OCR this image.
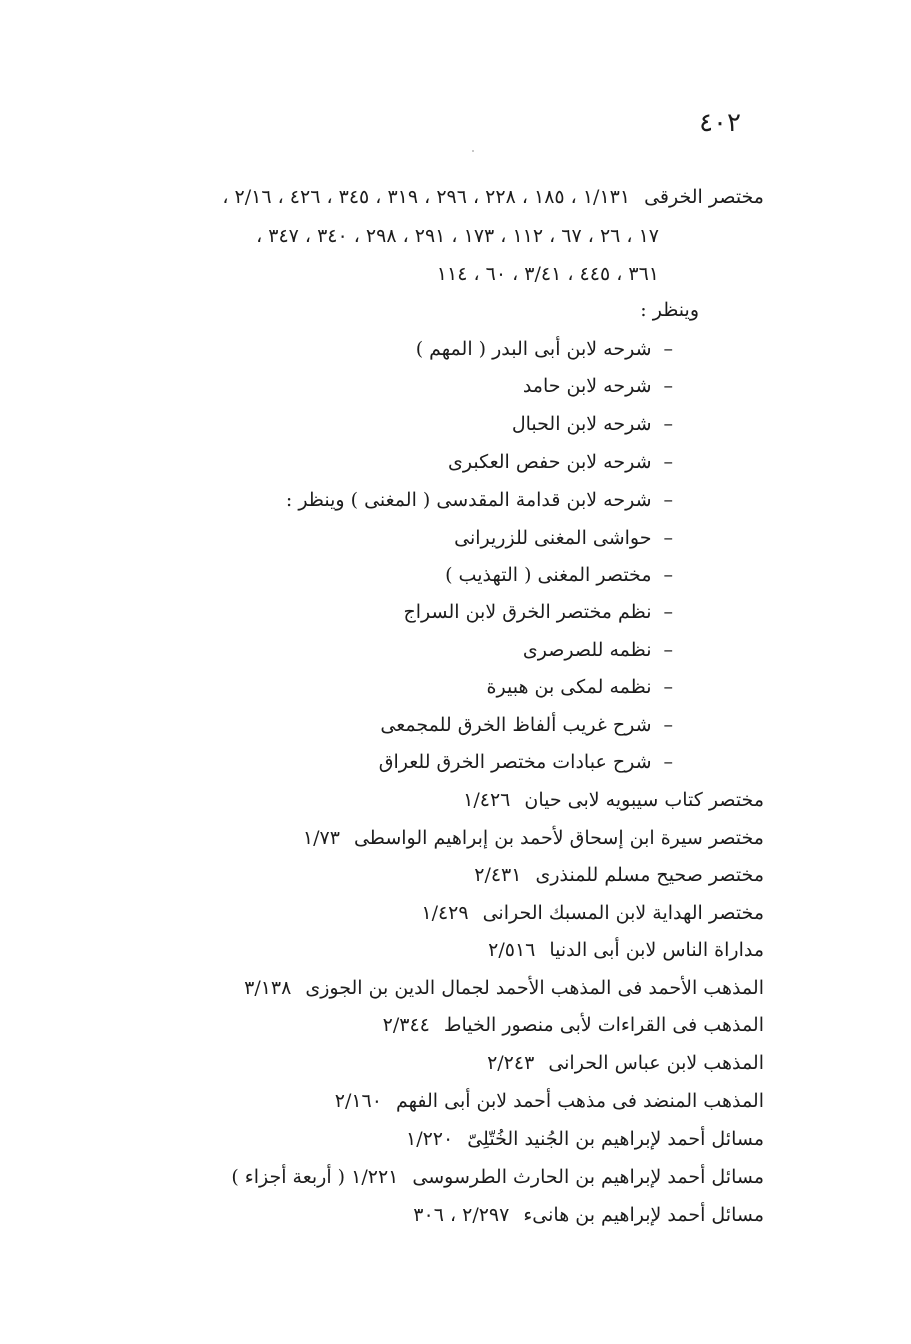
٤٠٢
مختصر الخرقى١/١٣١ ، ١٨٥ ، ٢٢٨ ، ٢٩٦ ، ٣١٩ ، ٣٤٥ ، ٤٢٦ ، ٢/١٦ ،
١٧ ، ٢٦ ، ٦٧ ، ١١٢ ، ١٧٣ ، ٢٩١ ، ٢٩٨ ، ٣٤٠ ، ٣٤٧ ،
٣٦١ ، ٤٤٥ ، ٣/٤١ ، ٦٠ ، ١١٤
وينظر :
–شرحه لابن أبى البدر ( المهم )
–شرحه لابن حامد
–شرحه لابن الحبال
–شرحه لابن حفص العكبرى
–شرحه لابن قدامة المقدسى ( المغنى ) وينظر :
–حواشى المغنى للزريرانى
–مختصر المغنى ( التهذيب )
–نظم مختصر الخرق لابن السراج
–نظمه للصرصرى
–نظمه لمكى بن هبيرة
–شرح غريب ألفاظ الخرق للمجمعى
–شرح عبادات مختصر الخرق للعراق
مختصر كتاب سيبويه لابى حيان١/٤٢٦
مختصر سيرة ابن إسحاق لأحمد بن إبراهيم الواسطى١/٧٣
مختصر صحيح مسلم للمنذرى٢/٤٣١
مختصر الهداية لابن المسبك الحرانى١/٤٢٩
مداراة الناس لابن أبى الدنيا٢/٥١٦
المذهب الأحمد فى المذهب الأحمد لجمال الدين بن الجوزى٣/١٣٨
المذهب فى القراءات لأبى منصور الخياط٢/٣٤٤
المذهب لابن عباس الحرانى٢/٢٤٣
المذهب المنضد فى مذهب أحمد لابن أبى الفهم٢/١٦٠
مسائل أحمد لإبراهيم بن الجُنيد الخُتّلِىّ١/٢٢٠
مسائل أحمد لإبراهيم بن الحارث الطرسوسى١/٢٢١ ( أربعة أجزاء )
مسائل أحمد لإبراهيم بن هانىء٢/٢٩٧ ، ٣٠٦
